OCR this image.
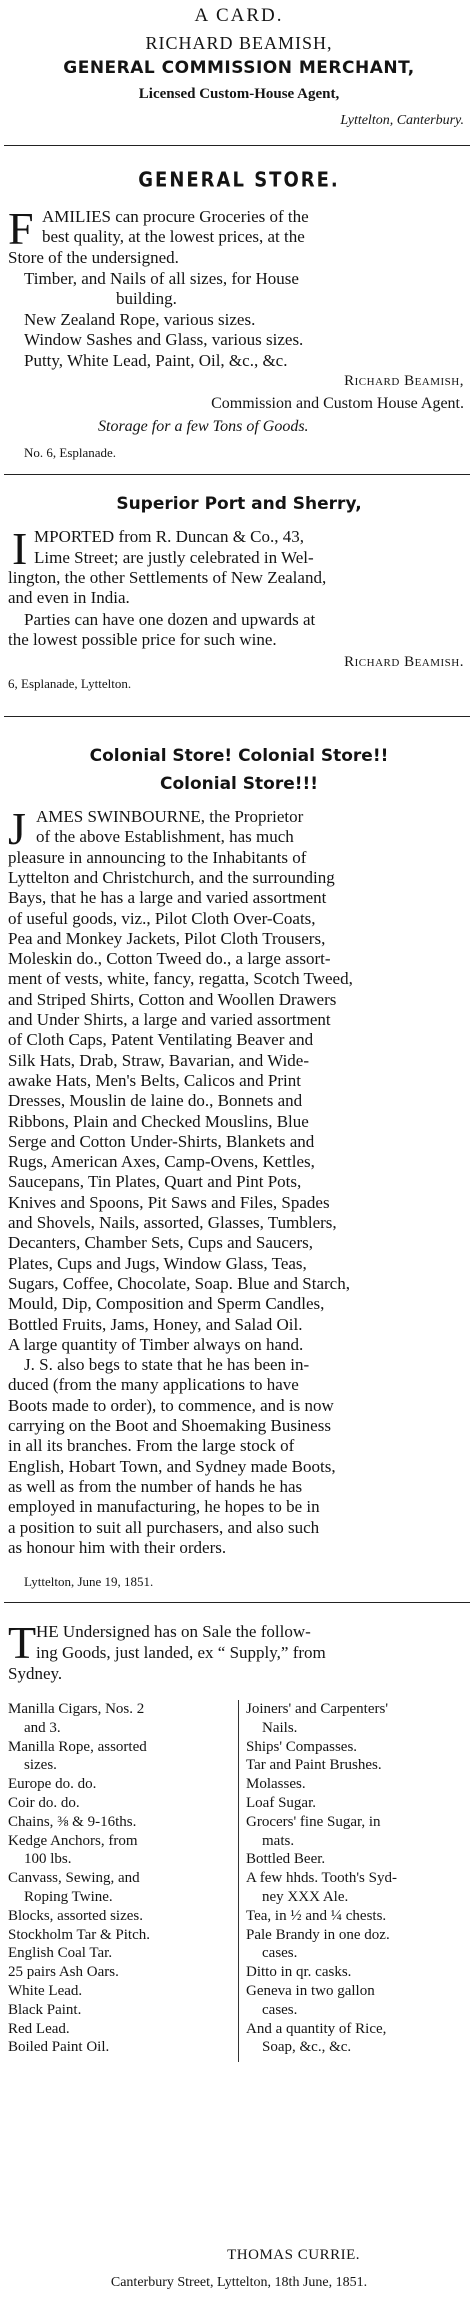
A CARD.
RICHARD BEAMISH,
GENERAL COMMISSION MERCHANT,
Licensed Custom-House Agent,
Lyttelton, Canterbury.
GENERAL STORE.
F AMILIES can procure Groceries of the
best quality, at the lowest prices, at the
Store of the undersigned.
Timber, and Nails of all sizes, for House
building.
New Zealand Rope, various sizes.
Window Sashes and Glass, various sizes.
Putty, White Lead, Paint, Oil, &c., &c.
Richard Beamish,
Commission and Custom House Agent.
Storage for a few Tons of Goods.
No. 6, Esplanade.
Superior Port and Sherry,
I MPORTED from R. Duncan & Co., 43,
Lime Street; are justly celebrated in Wel-
lington, the other Settlements of New Zealand,
and even in India.
Parties can have one dozen and upwards at
the lowest possible price for such wine.
Richard Beamish.
6, Esplanade, Lyttelton.
Colonial Store! Colonial Store!!
Colonial Store!!!
J AMES SWINBOURNE, the Proprietor
of the above Establishment, has much
pleasure in announcing to the Inhabitants of
Lyttelton and Christchurch, and the surrounding
Bays, that he has a large and varied assortment
of useful goods, viz., Pilot Cloth Over-Coats,
Pea and Monkey Jackets, Pilot Cloth Trousers,
Moleskin do., Cotton Tweed do., a large assort-
ment of vests, white, fancy, regatta, Scotch Tweed,
and Striped Shirts, Cotton and Woollen Drawers
and Under Shirts, a large and varied assortment
of Cloth Caps, Patent Ventilating Beaver and
Silk Hats, Drab, Straw, Bavarian, and Wide-
awake Hats, Men's Belts, Calicos and Print
Dresses, Mouslin de laine do., Bonnets and
Ribbons, Plain and Checked Mouslins, Blue
Serge and Cotton Under-Shirts, Blankets and
Rugs, American Axes, Camp-Ovens, Kettles,
Saucepans, Tin Plates, Quart and Pint Pots,
Knives and Spoons, Pit Saws and Files, Spades
and Shovels, Nails, assorted, Glasses, Tumblers,
Decanters, Chamber Sets, Cups and Saucers,
Plates, Cups and Jugs, Window Glass, Teas,
Sugars, Coffee, Chocolate, Soap. Blue and Starch,
Mould, Dip, Composition and Sperm Candles,
Bottled Fruits, Jams, Honey, and Salad Oil.
A large quantity of Timber always on hand.
J. S. also begs to state that he has been in-
duced (from the many applications to have
Boots made to order), to commence, and is now
carrying on the Boot and Shoemaking Business
in all its branches. From the large stock of
English, Hobart Town, and Sydney made Boots,
as well as from the number of hands he has
employed in manufacturing, he hopes to be in
a position to suit all purchasers, and also such
as honour him with their orders.
Lyttelton, June 19, 1851.
T HE Undersigned has on Sale the follow-
ing Goods, just landed, ex “ Supply,” from
Sydney.
Manilla Cigars, Nos. 2
and 3.
Manilla Rope, assorted
sizes.
Europe do. do.
Coir do. do.
Chains, ⅜ & 9-16ths.
Kedge Anchors, from
100 lbs.
Canvass, Sewing, and
Roping Twine.
Blocks, assorted sizes.
Stockholm Tar & Pitch.
English Coal Tar.
25 pairs Ash Oars.
White Lead.
Black Paint.
Red Lead.
Boiled Paint Oil.
Joiners' and Carpenters'
Nails.
Ships' Compasses.
Tar and Paint Brushes.
Molasses.
Loaf Sugar.
Grocers' fine Sugar, in
mats.
Bottled Beer.
A few hhds. Tooth's Syd-
ney XXX Ale.
Tea, in ½ and ¼ chests.
Pale Brandy in one doz.
cases.
Ditto in qr. casks.
Geneva in two gallon
cases.
And a quantity of Rice,
Soap, &c., &c.
THOMAS CURRIE.
Canterbury Street, Lyttelton, 18th June, 1851.
